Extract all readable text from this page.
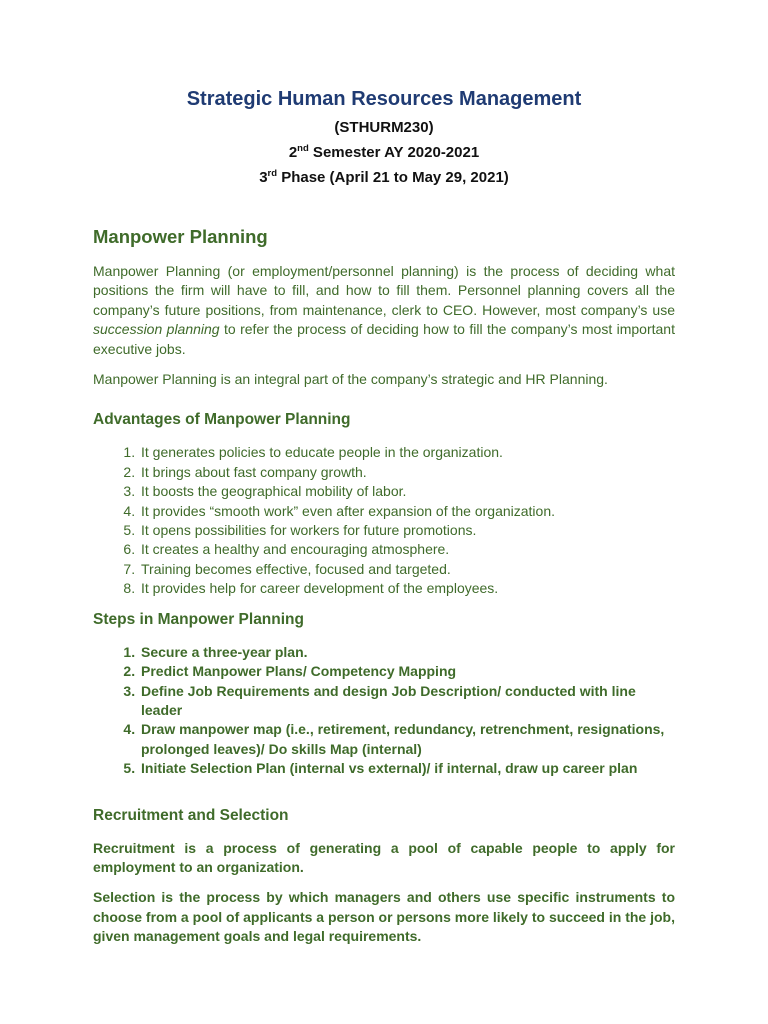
Strategic Human Resources Management
(STHURM230)
2nd Semester AY 2020-2021
3rd Phase (April 21 to May 29, 2021)
Manpower Planning

Manpower Planning (or employment/personnel planning) is the process of deciding what positions the firm will have to fill, and how to fill them. Personnel planning covers all the company’s future positions, from maintenance, clerk to CEO. However, most company’s use succession planning to refer the process of deciding how to fill the company’s most important executive jobs.

Manpower Planning is an integral part of the company’s strategic and HR Planning.

Advantages of Manpower Planning
1. It generates policies to educate people in the organization.
2. It brings about fast company growth.
3. It boosts the geographical mobility of labor.
4. It provides “smooth work” even after expansion of the organization.
5. It opens possibilities for workers for future promotions.
6. It creates a healthy and encouraging atmosphere.
7. Training becomes effective, focused and targeted.
8. It provides help for career development of the employees.
Steps in Manpower Planning
1. Secure a three-year plan.
2. Predict Manpower Plans/ Competency Mapping
3. Define Job Requirements and design Job Description/ conducted with line leader
4. Draw manpower map (i.e., retirement, redundancy, retrenchment, resignations, prolonged leaves)/ Do skills Map (internal)
5. Initiate Selection Plan (internal vs external)/ if internal, draw up career plan
Recruitment and Selection

Recruitment is a process of generating a pool of capable people to apply for employment to an organization.

Selection is the process by which managers and others use specific instruments to choose from a pool of applicants a person or persons more likely to succeed in the job, given management goals and legal requirements.
